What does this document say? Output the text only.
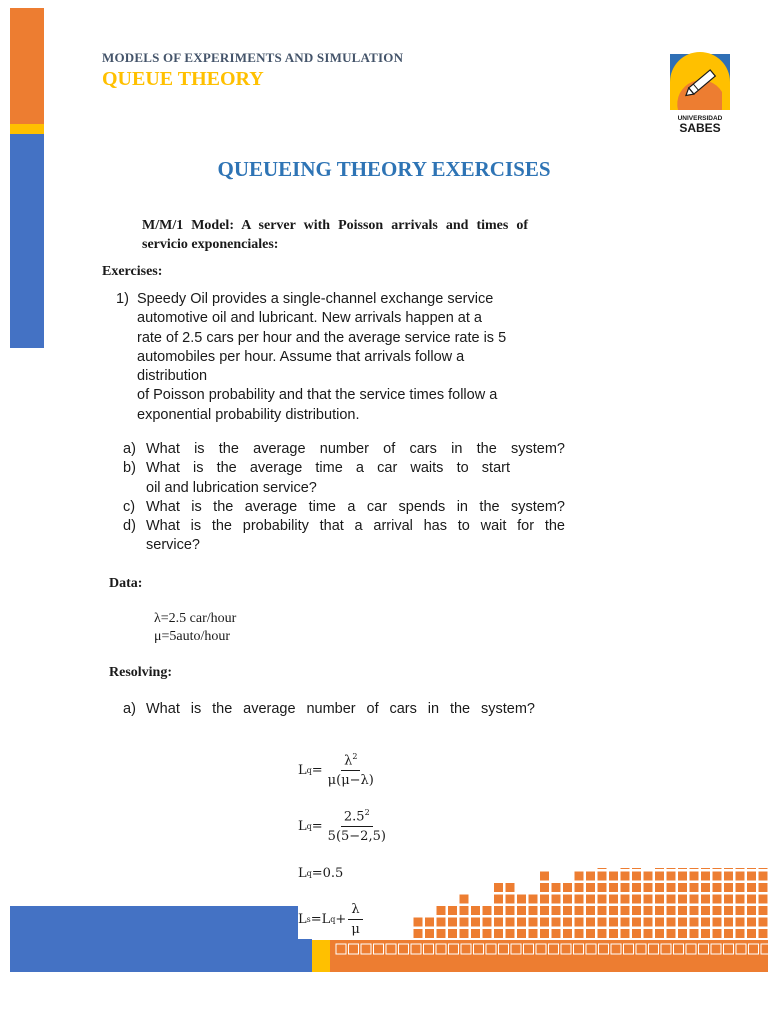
MODELS OF EXPERIMENTS AND SIMULATION
QUEUE THEORY
UNIVERSIDAD
SABES
QUEUEING THEORY EXERCISES
M/M/1 Model: A server with Poisson arrivals and times of servicio exponenciales:
Exercises:
1) Speedy Oil provides a single-channel exchange service
automotive oil and lubricant. New arrivals happen at a
rate of 2.5 cars per hour and the average service rate is 5
automobiles per hour. Assume that arrivals follow a distribution
of Poisson probability and that the service times follow a
exponential probability distribution.
a) What is the average number of cars in the system?
b) What is the average time a car waits to start
oil and lubrication service?
c) What is the average time a car spends in the system?
d) What is the probability that a arrival has to wait for the
service?
Data:
λ=2.5 car/hour
μ=5auto/hour
Resolving:
a) What is the average number of cars in the system?
L $q = \frac{\lambda^2}{\mu(\mu-\lambda)}$
L $q = \frac{2.5^2}{5(5-2,5)}$
L q =0.5
L s =L $q + \frac{\lambda}{\mu}$
